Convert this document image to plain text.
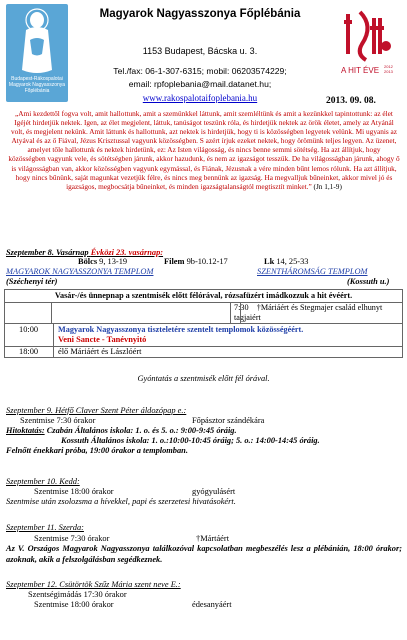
Budapest-Rákospalotai Magyarok Nagyasszonya Főplébánia
A HIT ÉVE	2012 2013
Magyarok Nagyasszonya Főplébánia
1153 Budapest, Bácska u. 3.
Tel./fax: 06-1-307-6315; mobil: 06203574229;
email: rpfoplebania@mail.datanet.hu;
www.rakospalotaifoplebania.hu	2013. 09. 08.
„Ami kezdettől fogva volt, amit hallottunk, amit a szemünkkel láttunk, amit szemléltünk és amit a kezünkkel tapintottunk: az élet Igéjét hirdetjük nektek. Igen, az élet megjelent, láttuk, tanúságot teszünk róla, és hirdetjük nektek az örök életet, amely az Atyánál volt, és megjelent nekünk. Amit láttunk és hallottunk, azt nektek is hirdetjük, hogy ti is közösségben legyetek velünk. Mi ugyanis az Atyával és az ő Fiával, Jézus Krisztussal vagyunk közösségben. S azért írjuk ezeket nektek, hogy örömünk teljes legyen. Az üzenet, amelyet tőle hallottunk és nektek hirdetünk, ez: Az Isten világosság, és nincs benne semmi sötétség. Ha azt állítjuk, hogy közösségben vagyunk vele, és sötétségben járunk, akkor hazudunk, és nem az igazságot tesszük. De ha világosságban járunk, ahogy ő is világosságban van, akkor közösségben vagyunk egymással, és Fiának, Jézusnak a vére minden bűnt lemos rólunk. Ha azt állítjuk, hogy nincs bűnünk, saját magunkat vezetjük félre, és nincs meg bennünk az igazság. Ha megvalljuk bűneinket, akkor mivel jó és igazságos, megbocsátja bűneinket, és minden igazságtalanságtól megtisztít minket.” (Jn 1,1-9)
Szeptember 8. Vasárnap Évközi 23. vasárnap:
Bölcs 9, 13-19	Filem 9b-10.12-17	Lk 14, 25-33
MAGYAROK NAGYASSZONYA TEMPLOM	SZENTHÁROMSÁG TEMPLOM
(Széchenyi tér)	(Kossuth u.)
Vasár-/és ünnepnap a szentmisék előtt félórával, rózsafüzért imádkozzuk a hit évéért.
		7:30 †Máriáért és Stegmajer család elhunyt tagjaiért
10:00 Magyarok Nagyasszonya tiszteletére szentelt templomok közösségéért.
Veni Sancte - Tanévnyitó
18:00 élő Máriáért és Lászlóért
Gyóntatás a szentmisék előtt fél órával.
Szeptember 9. Hétfő Claver Szent Péter áldozópap e.:
Szentmise 7:30 órakor	Főpásztor szándékára
Hitoktatás: Czabán Általános iskola: 1. o. és 5. o.: 9:00-9:45 óráig.
Kossuth Általános iskola: 1. o.:10:00-10:45 óráig; 5. o.: 14:00-14:45 óráig.
Felnőtt énekkari próba, 19:00 órakor a templomban.
Szeptember 10. Kedd:
Szentmise 18:00 órakor	gyógyulásért
Szentmise után zsolozsma a hívekkel, papi és szerzetesi hivatásokért.
Szeptember 11. Szerda:
Szentmise 7:30 órakor	†Mártáért
Az V. Országos Magyarok Nagyasszonya találkozóval kapcsolatban megbeszélés lesz a plébánián, 18:00 órakor; azoknak, akik a felszolgálásban segédkeznek.
Szeptember 12. Csütörtök Szűz Mária szent neve E.:
Szentségimádás 17:30 órakor
Szentmise 18:00 órakor	édesanyáért
